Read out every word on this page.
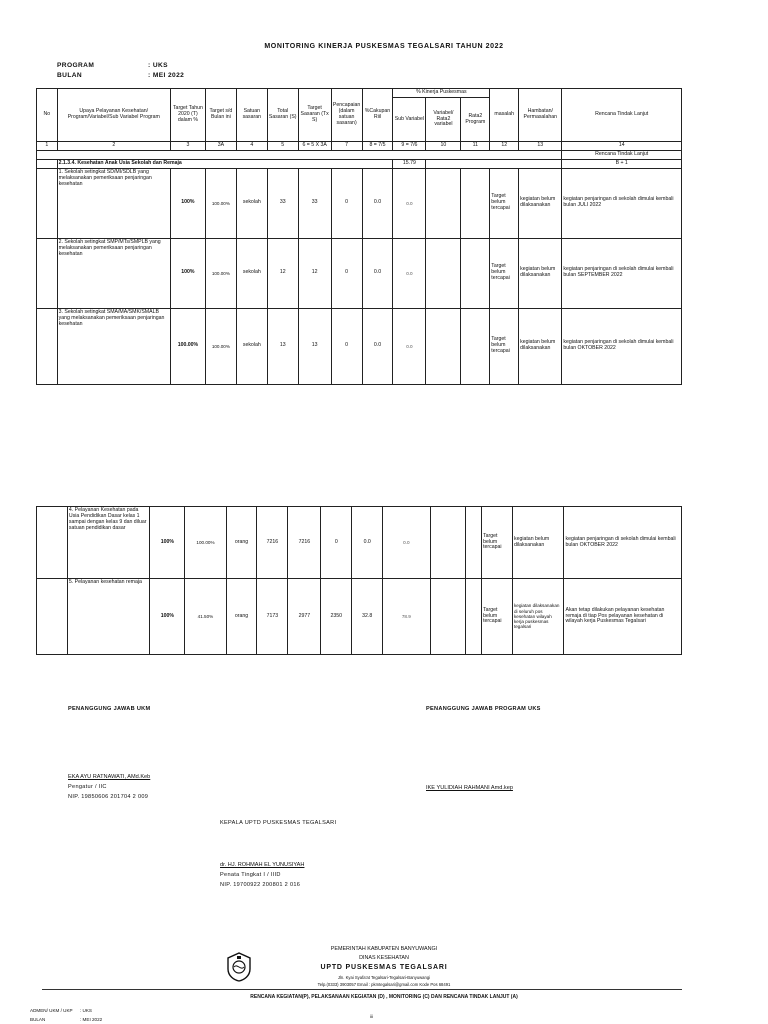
MONITORING KINERJA PUSKESMAS TEGALSARI TAHUN 2022
PROGRAM	: UKS
BULAN	: MEI 2022
No	Upaya Pelayanan Kesehatan/ Program/Variabel/Sub Variabel Program	Target Tahun 2020 (T) dalam %	Target s/d Bulan ini	Satuan sasaran	Total Sasaran (S)	Target Sasaran (Tx S)	Pencapaian (dalam satuan sasaran)	%Cakupan Riil	% Kinerja Puskesmas			masalah	Hambatan/ Permasalahan	Rencana Tindak Lanjut
									Sub Variabel	Variabel/ Rata2 variabel	Rata2 Program			
1	2	3	3A	4	5	6 = 5 X 3A	7	8 = 7/5	9 = 7/6	10	11	12	13	14
														Rencana Tindak Lanjut
	2.1.3.4. Kesehatan Anak Usia Sekolah dan Remaja								15.79					B + 1
	1. Sekolah setingkat SD/MI/SDLB yang melaksanakan pemeriksaan penjaringan kesehatan	100%	100.00%	sekolah	33	33	0	0.0	0.0			Target belum tercapai	kegiatan belum dilaksanakan	kegiatan penjaringan di sekolah dimulai kembali bulan JULI 2022
	2. Sekolah setingkat SMP/MTs/SMPLB yang melaksanakan pemeriksaan penjaringan kesehatan	100%	100.00%	sekolah	12	12	0	0.0	0.0			Target belum tercapai	kegiatan belum dilaksanakan	kegiatan penjaringan di sekolah dimulai kembali bulan SEPTEMBER 2022
	3. Sekolah setingkat SMA/MA/SMK/SMALB yang melaksanakan pemeriksaan penjaringan kesehatan	100.00%	100.00%	sekolah	13	13	0	0.0	0.0			Target belum tercapai	kegiatan belum dilaksanakan	kegiatan penjaringan di sekolah dimulai kembali bulan OKTOBER 2022
	4. Pelayanan Kesehatan pada Usia Pendidikan Dasar kelas 1 sampai dengan kelas 9 dan diluar satuan pendidikan dasar	100%	100.00%	orang	7216	7216	0	0.0	0.0			Target belum tercapai	kegiatan belum dilaksanakan	kegiatan penjaringan di sekolah dimulai kembali bulan OKTOBER 2022
	5. Pelayanan kesehatan remaja	100%	41.50%	orang	7173	2977	2350	32.8	78.9			Target belum tercapai	kegiatan dilaksanakan di seluruh pos kesehatan wilayah kerja puskesmas tegalsari	Akan tetap dilakukan pelayanan kesehatan remaja di tiap Pos pelayanan kesehatan di wilayah kerja Puskesmas Tegalsari
PENANGGUNG JAWAB UKM	PENANGGUNG JAWAB PROGRAM UKS
EKA AYU RATNAWATI, AMd.Keb
Pengatur / IIC
NIP. 19850606 201704 2 009
IKE YULIDIAH RAHMANI Amd.kep
KEPALA UPTD PUSKESMAS TEGALSARI
dr. HJ. ROHMAH EL YUNUSIYAH
Penata Tingkat I / IIID
NIP. 19700922 200801 2 016
PEMERINTAH KABUPATEN BANYUWANGI
DINAS KESEHATAN
UPTD PUSKESMAS TEGALSARI
Jln. Kyai Syafa'at Tegalsari-Tegalsari-Banyuwangi
Telp.(0333) 3903057 Email : pkmtegalsari@gmail.com Kode Pos 68491
RENCANA KEGIATAN(P), PELAKSANAAN KEGIATAN (D) , MONITORING (C) DAN RENCANA TINDAK LANJUT (A)
ADMEN/ UKM / UKP : UKS
BULAN	: MEI 2022
iii
